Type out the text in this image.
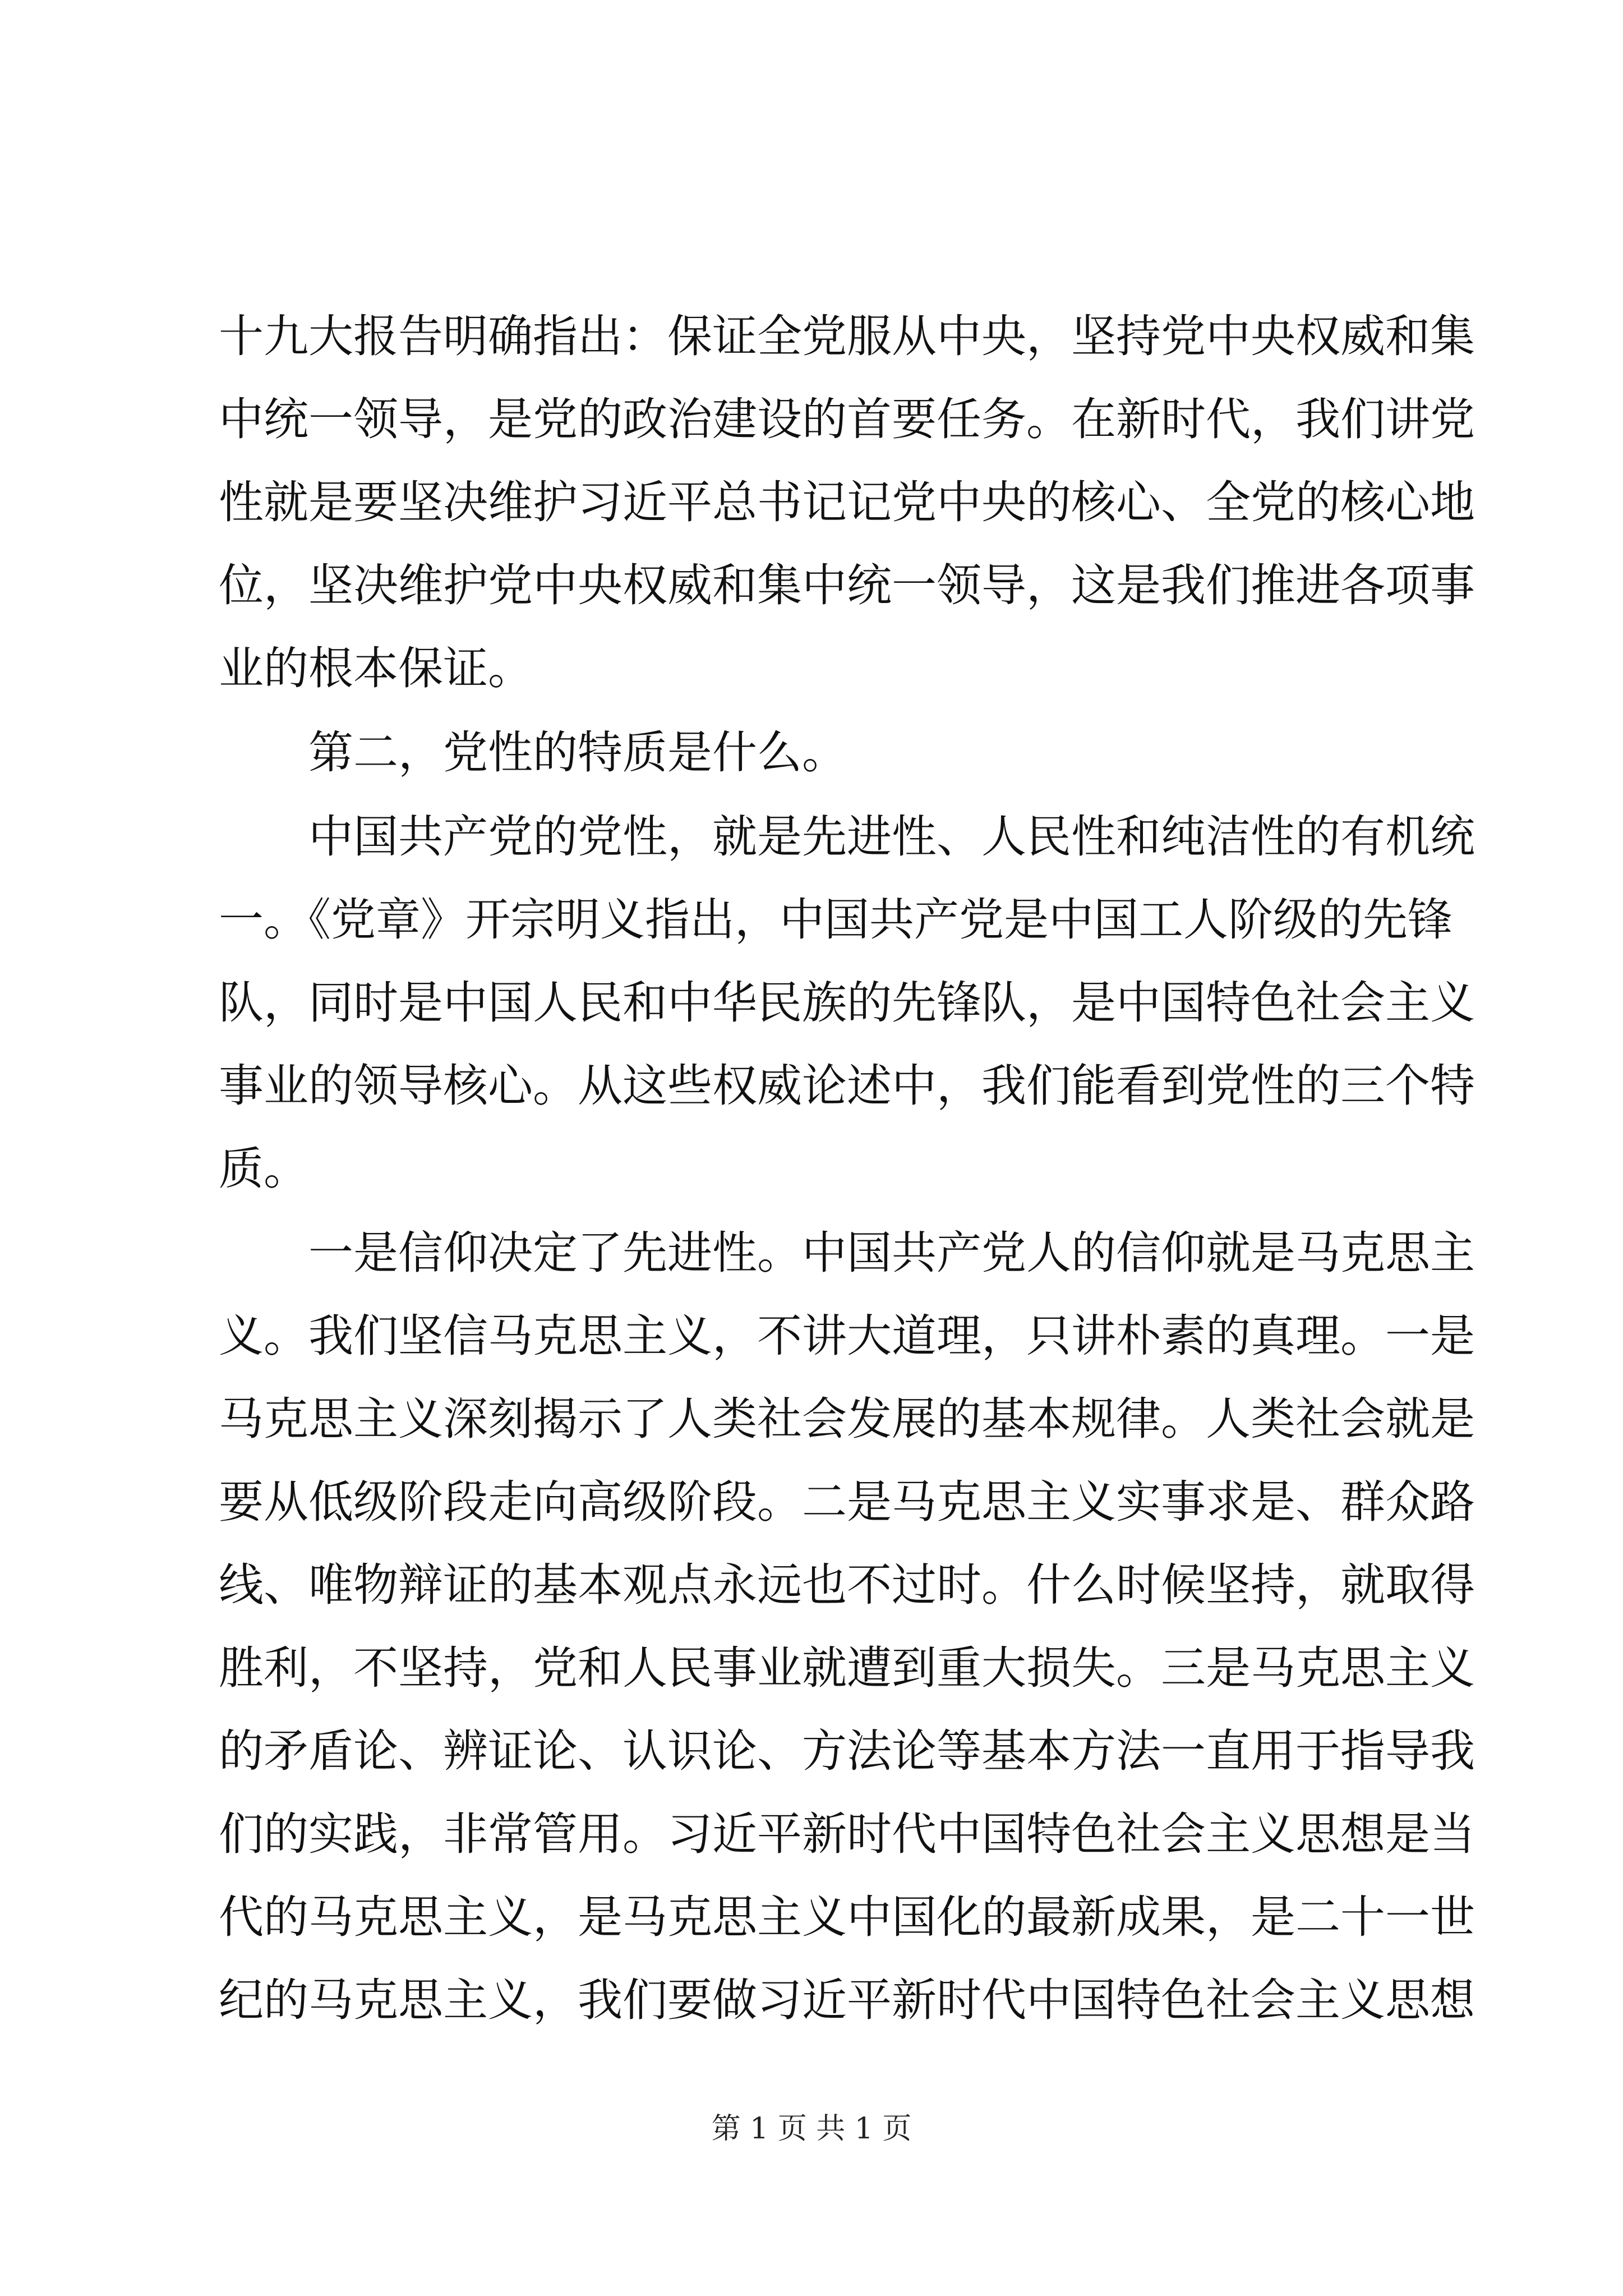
十九大报告明确指出：保证全党服从中央，坚持党中央权威和集
中统一领导，是党的政治建设的首要任务。在新时代，我们讲党
性就是要坚决维护习近平总书记记党中央的核心、全党的核心地
位，坚决维护党中央权威和集中统一领导，这是我们推进各项事
业的根本保证。
第二，党性的特质是什么。
中国共产党的党性，就是先进性、人民性和纯洁性的有机统
一。《党章》开宗明义指出，中国共产党是中国工人阶级的先锋
队，同时是中国人民和中华民族的先锋队，是中国特色社会主义
事业的领导核心。从这些权威论述中，我们能看到党性的三个特
质。
一是信仰决定了先进性。中国共产党人的信仰就是马克思主
义。我们坚信马克思主义，不讲大道理，只讲朴素的真理。一是
马克思主义深刻揭示了人类社会发展的基本规律。人类社会就是
要从低级阶段走向高级阶段。二是马克思主义实事求是、群众路
线、唯物辩证的基本观点永远也不过时。什么时候坚持，就取得
胜利，不坚持，党和人民事业就遭到重大损失。三是马克思主义
的矛盾论、辨证论、认识论、方法论等基本方法一直用于指导我
们的实践，非常管用。习近平新时代中国特色社会主义思想是当
代的马克思主义，是马克思主义中国化的最新成果，是二十一世
纪的马克思主义，我们要做习近平新时代中国特色社会主义思想
第 1 页 共 1 页
